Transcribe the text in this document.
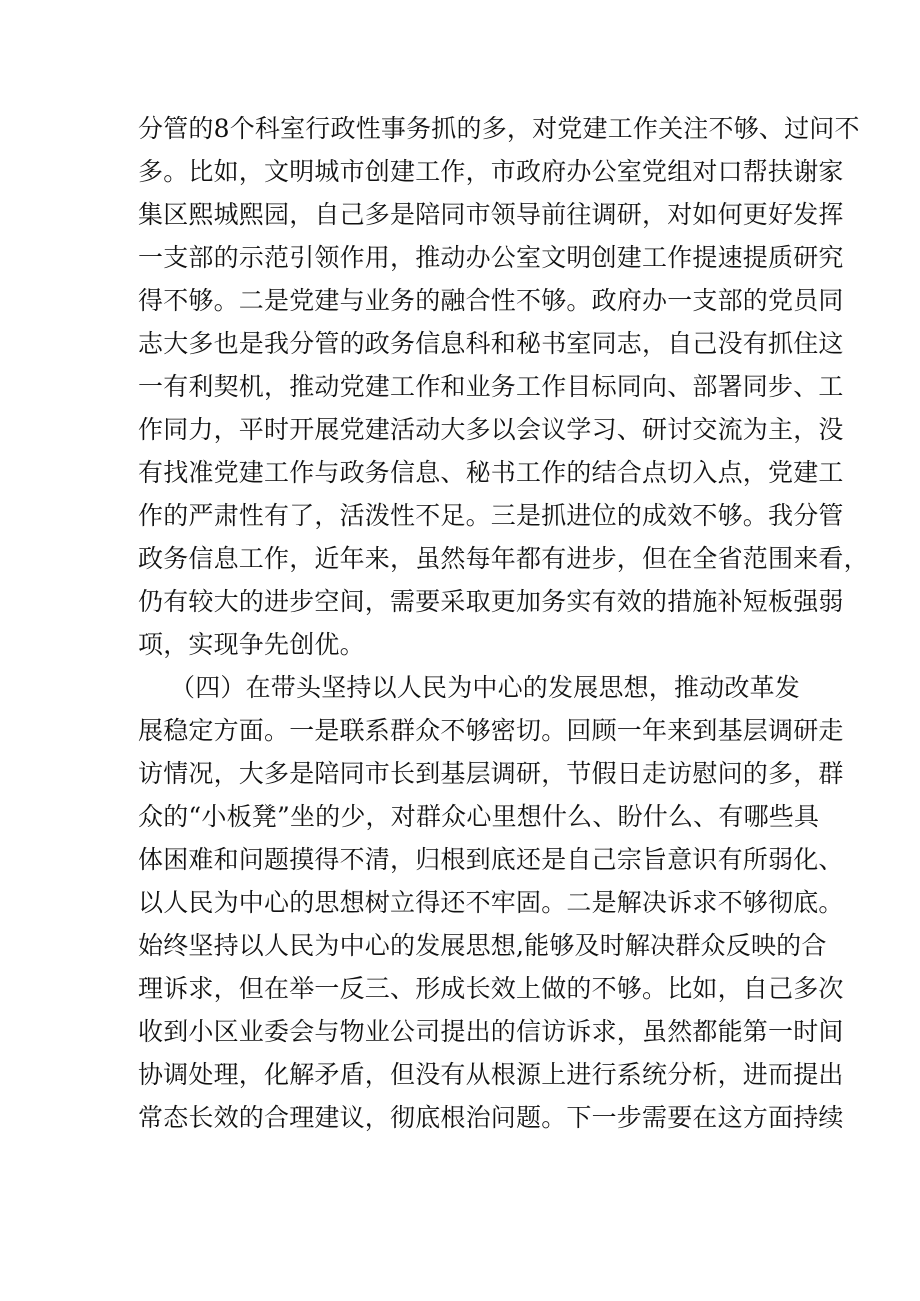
分管的8个科室行政性事务抓的多，对党建工作关注不够、过问不
多。比如，文明城市创建工作，市政府办公室党组对口帮扶谢家
集区熙城熙园，自己多是陪同市领导前往调研，对如何更好发挥
一支部的示范引领作用，推动办公室文明创建工作提速提质研究
得不够。二是党建与业务的融合性不够。政府办一支部的党员同
志大多也是我分管的政务信息科和秘书室同志，自己没有抓住这
一有利契机，推动党建工作和业务工作目标同向、部署同步、工
作同力，平时开展党建活动大多以会议学习、研讨交流为主，没
有找准党建工作与政务信息、秘书工作的结合点切入点，党建工
作的严肃性有了，活泼性不足。三是抓进位的成效不够。我分管
政务信息工作，近年来，虽然每年都有进步，但在全省范围来看，
仍有较大的进步空间，需要采取更加务实有效的措施补短板强弱
项，实现争先创优。
（四）在带头坚持以人民为中心的发展思想，推动改革发
展稳定方面。一是联系群众不够密切。回顾一年来到基层调研走
访情况，大多是陪同市长到基层调研，节假日走访慰问的多，群
众的“小板凳”坐的少，对群众心里想什么、盼什么、有哪些具
体困难和问题摸得不清，归根到底还是自己宗旨意识有所弱化、
以人民为中心的思想树立得还不牢固。二是解决诉求不够彻底。
始终坚持以人民为中心的发展思想,能够及时解决群众反映的合
理诉求，但在举一反三、形成长效上做的不够。比如，自己多次
收到小区业委会与物业公司提出的信访诉求，虽然都能第一时间
协调处理，化解矛盾，但没有从根源上进行系统分析，进而提出
常态长效的合理建议，彻底根治问题。下一步需要在这方面持续
